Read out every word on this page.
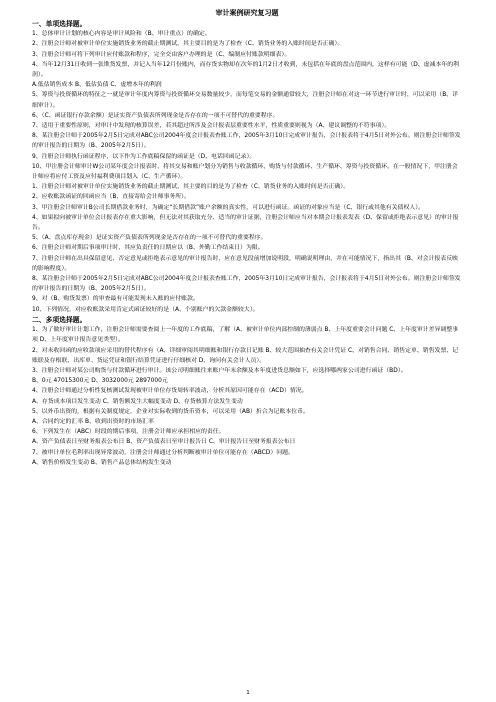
审计案例研究复习题
一、单项选择题。
1、总体审计计划的核心内容是审计风险和（B、审计重点）的确定。
2、注册会计师对被审计单位实施销货业务的截止期测试，其主要目的是为了检查（C、销货业务的入账时间是否正确）。
3、注册会计师可将下列审计应付账款和程序，完全交由客户办理的是（C、编制应付账款明细表）。
4、当年12月31日收到一张欺货发票，并记入当年12月份账内，而存货实物却在次年的1月2日才收到，未包括在年底的盘点范围内，这样有可能（D、虚减本年的利润）。
A.低估销售成本 B、低估负债 C、虚增本年的利润
5、筹资与投资循环的特征之一就是审计年度内筹资与投资循环交易数量较少，而每笔交易的金额通常较大，注册会计师在对这一环节进行审计时，可以采用（B、详细审计）。
6、（C、函证银行存款余额）是证实资产负债表所列现金是否存在的一项不可替代的重要程序。
7、适用于重要性原则，对审计中发现的核算误差，若其超过所涉及会计报表层重要性水平，性质重要则视为（A、建议调整的不符事项）。
8、某注册会计师于2005年2月5日完成对ABC公司2004年度会计报表查账工作，2005年3月10日完成审计报告，会计报表将于4月5日对外公布。则注册会计师签发的审计报告的日期为（B、2005年2月5日）。
9、注册会计师执行函证程序，以下作为工作底稿保留的函证是（D、电话回函记录）。
10、甲注册会计师审计W公司某年度会计报表时，将其交易和账户划分为销售与收款循环、购货与付款循环、生产循环、筹资与投资循环。在一般情况下，甲注册会计师应将应付工资及应付福利费项目划入（C、生产循环）。
1、注册会计师对被审计单位实施销货业务的截止期测试，其主要的目的是为了检查（C、销货业务的入账时间是否正确）。
2、应收账款函证的回函应当（B、直接寄给会计师事务所）。
3、甲注册会计师审计B公司长期借款业务时，为确定“长期借款”账户余额的真实性，可以进行函证。函证的对象应当是（C、银行或其他有关债权人）。
4、如果拟向被审计单位会计报表存在重大影响，但无法对其获取充分、适当的审计证据，注册会计师应当对本期会计报表发表（D、保留或拒绝表示意见）的审计报告。
5、（A、盘点库存现金）是证实资产负债表所列现金是否存在的一项不可替代的重要程序。
6、注册会计师对期后事项审计时，其应负责任的日期应以（B、外勤工作结束日）为限。
7、注册会计师在出具保留意见、否定意见或拒绝表示意见的审计报告时，应在意见段前增加说明段，明确说明理由，并在可能情况下，指出其（B、对会计报表反映的影响程度）。
8、某注册会计师于2005年2月5日完成对ABC公司2004年度会计报表查账工作，2005年3月10日完成审计报告，会计报表将于4月5日对外公布。则注册会计师签发的审计报告的日期为（B、2005年2月5日）。
9、对（B、购货发票）的审查最有可能发现未入账的应付账款。
10、下列情况，对应收账款采用肯定式函证较好的是（A、个别账户的欠款金额较大）。
二、多项选择题。
1、为了做好审计计划工作，注册会计师需要查阅上一年度的工作底稿，了解（A、被审计单位内部控制的薄弱点 B、上年度重要会计问题 C、上年度审计差异调整事项 D、上年度审计报告意见类型）。
2、对未收回函的应收款项应采用的替代程序有（A、详细审阅其明细账和银行存款日记账 B、较大范围抽查有关会计凭证 C、对销售合同、销售定单、销售发票、记账联及存根联、出库单、货运凭证和银行结算凭证进行仔细核对 D、询问有关会计人员）。
3、注册会计师对某公司购货与付款循环进行审计。该公司明细账往来账户年末余额及本年度进货总额如下，应选择哪两家公司进行函证（BD）。
B、0元 47015300元 D、3032000元 2897000元
4、注册会计师通过分析性复核测试发现被审计单位存货周转率波动，分析其原因可能存在（ACD）情况。
A、存货成本项目发生变动 C、销售额发生大幅度变动 D、存货核算方法发生变动
5、以外币出资的，根据有关制度规定，企业对实际收到的货币资本，可以采用（AB）折合为记账本位币。
A、合同约定的汇率 B、收到出资时的市场汇率
6、下列发生在（ABC）时段的期后事项，注册会计师应承担相应的责任。
A、资产负债表日至财务报表公布日 B、资产负债表日至审计报告日 C、审计报告日至财务报表公布日
7、被审计单位毛利率出现异常波动，注册会计师通过分析判断被审计单位可能存在（ABCD）问题。
A、销售价格发生变动 B、销售产品总体结构发生变动
1
